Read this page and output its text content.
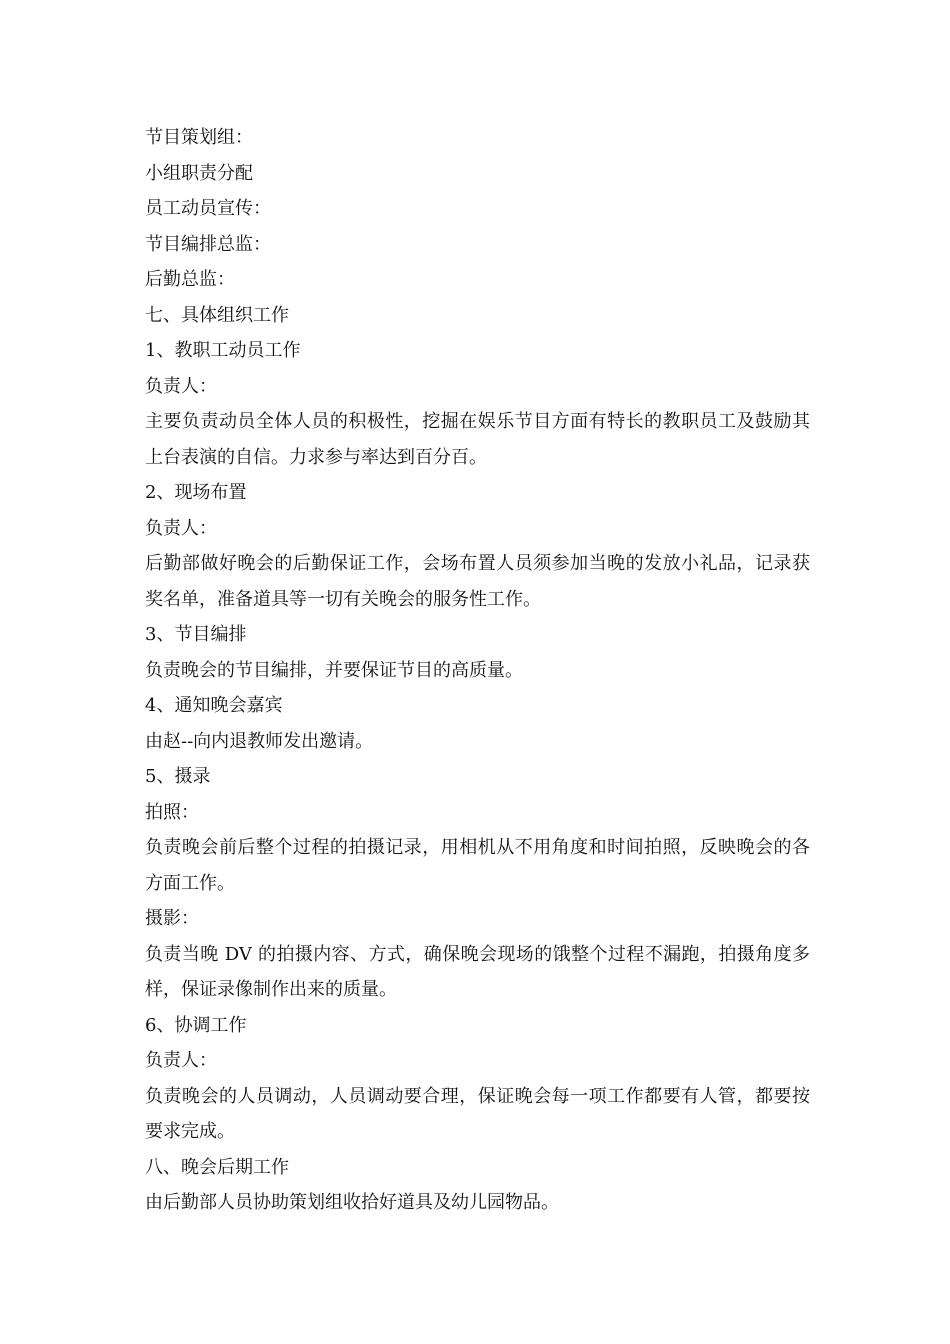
节目策划组：

小组职责分配

员工动员宣传：

节目编排总监：

后勤总监：

七、具体组织工作

1、教职工动员工作

负责人：

主要负责动员全体人员的积极性，挖掘在娱乐节目方面有特长的教职员工及鼓励其上台表演的自信。力求参与率达到百分百。

2、现场布置

负责人：

后勤部做好晚会的后勤保证工作，会场布置人员须参加当晚的发放小礼品，记录获奖名单，准备道具等一切有关晚会的服务性工作。

3、节目编排

负责晚会的节目编排，并要保证节目的高质量。

4、通知晚会嘉宾

由赵--向内退教师发出邀请。

5、摄录

拍照：

负责晚会前后整个过程的拍摄记录，用相机从不用角度和时间拍照，反映晚会的各方面工作。

摄影：

负责当晚 DV 的拍摄内容、方式，确保晚会现场的饿整个过程不漏跑，拍摄角度多样，保证录像制作出来的质量。

6、协调工作

负责人：

负责晚会的人员调动，人员调动要合理，保证晚会每一项工作都要有人管，都要按要求完成。

八、晚会后期工作

由后勤部人员协助策划组收拾好道具及幼儿园物品。
